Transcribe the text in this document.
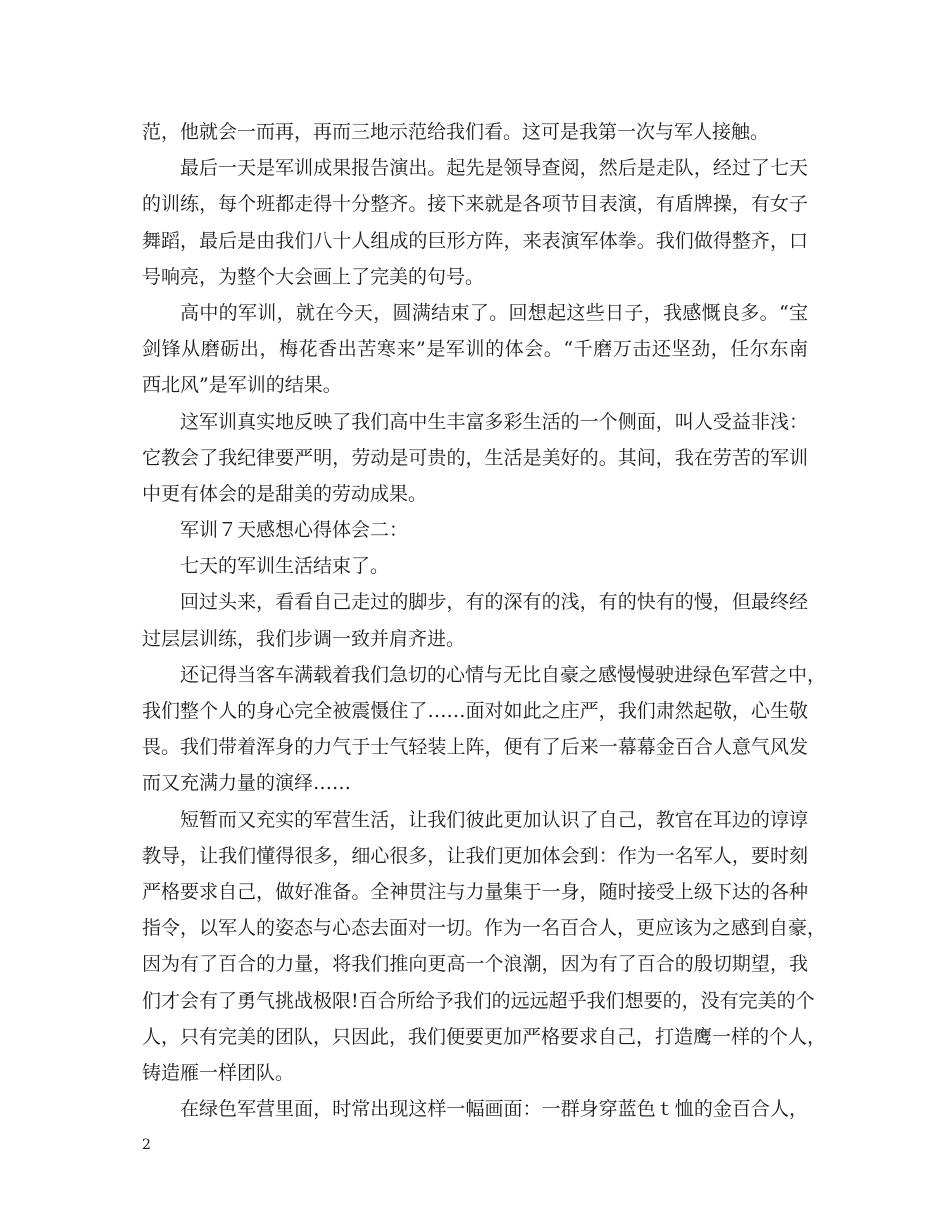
范，他就会一而再，再而三地示范给我们看。这可是我第一次与军人接触。
最后一天是军训成果报告演出。起先是领导查阅，然后是走队，经过了七天
的训练，每个班都走得十分整齐。接下来就是各项节目表演，有盾牌操，有女子
舞蹈，最后是由我们八十人组成的巨形方阵，来表演军体拳。我们做得整齐，口
号响亮，为整个大会画上了完美的句号。
高中的军训，就在今天，圆满结束了。回想起这些日子，我感慨良多。“宝
剑锋从磨砺出，梅花香出苦寒来”是军训的体会。“千磨万击还坚劲，任尔东南
西北风”是军训的结果。
这军训真实地反映了我们高中生丰富多彩生活的一个侧面，叫人受益非浅：
它教会了我纪律要严明，劳动是可贵的，生活是美好的。其间，我在劳苦的军训
中更有体会的是甜美的劳动成果。
军训７天感想心得体会二：
七天的军训生活结束了。
回过头来，看看自己走过的脚步，有的深有的浅，有的快有的慢，但最终经
过层层训练，我们步调一致并肩齐进。
还记得当客车满载着我们急切的心情与无比自豪之感慢慢驶进绿色军营之中，
我们整个人的身心完全被震慑住了……面对如此之庄严，我们肃然起敬，心生敬
畏。我们带着浑身的力气于士气轻装上阵，便有了后来一幕幕金百合人意气风发
而又充满力量的演绎……
短暂而又充实的军营生活，让我们彼此更加认识了自己，教官在耳边的谆谆
教导，让我们懂得很多，细心很多，让我们更加体会到：作为一名军人，要时刻
严格要求自己，做好准备。全神贯注与力量集于一身，随时接受上级下达的各种
指令，以军人的姿态与心态去面对一切。作为一名百合人，更应该为之感到自豪，
因为有了百合的力量，将我们推向更高一个浪潮，因为有了百合的殷切期望，我
们才会有了勇气挑战极限!百合所给予我们的远远超乎我们想要的，没有完美的个
人，只有完美的团队，只因此，我们便要更加严格要求自己，打造鹰一样的个人，
铸造雁一样团队。
在绿色军营里面，时常出现这样一幅画面：一群身穿蓝色ｔ恤的金百合人，
2
